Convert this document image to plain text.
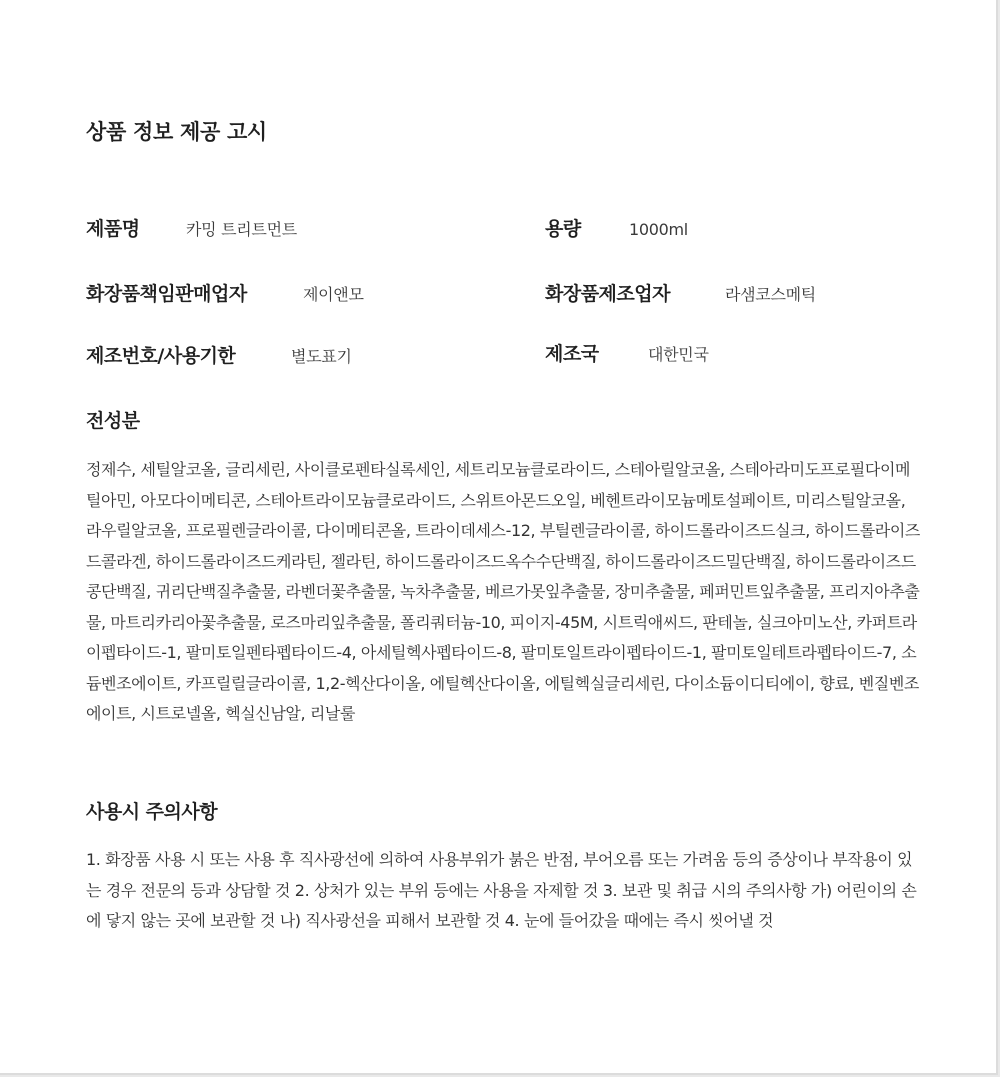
상품 정보 제공 고시
제품명	카밍 트리트먼트	용량	1000ml
화장품책임판매업자	제이앤모	화장품제조업자	라샘코스메틱
제조번호/사용기한	별도표기	제조국	대한민국
전성분

정제수, 세틸알코올, 글리세린, 사이클로펜타실록세인, 세트리모늄클로라이드, 스테아릴알코올, 스테아라미도프로필다이메틸아민, 아모다이메티콘, 스테아트라이모늄클로라이드, 스위트아몬드오일, 베헨트라이모늄메토설페이트, 미리스틸알코올, 라우릴알코올, 프로필렌글라이콜, 다이메티콘올, 트라이데세스-12, 부틸렌글라이콜, 하이드롤라이즈드실크, 하이드롤라이즈드콜라겐, 하이드롤라이즈드케라틴, 젤라틴, 하이드롤라이즈드옥수수단백질, 하이드롤라이즈드밀단백질, 하이드롤라이즈드콩단백질, 귀리단백질추출물, 라벤더꽃추출물, 녹차추출물, 베르가못잎추출물, 장미추출물, 페퍼민트잎추출물, 프리지아추출물, 마트리카리아꽃추출물, 로즈마리잎추출물, 폴리쿼터늄-10, 피이지-45M, 시트릭애씨드, 판테놀, 실크아미노산, 카퍼트라이펩타이드-1, 팔미토일펜타펩타이드-4, 아세틸헥사펩타이드-8, 팔미토일트라이펩타이드-1, 팔미토일테트라펩타이드-7, 소듐벤조에이트, 카프릴릴글라이콜, 1,2-헥산다이올, 에틸헥산다이올, 에틸헥실글리세린, 다이소듐이디티에이, 향료, 벤질벤조에이트, 시트로넬올, 헥실신남알, 리날룰

사용시 주의사항

1. 화장품 사용 시 또는 사용 후 직사광선에 의하여 사용부위가 붉은 반점, 부어오름 또는 가려움 등의 증상이나 부작용이 있는 경우 전문의 등과 상담할 것 2. 상처가 있는 부위 등에는 사용을 자제할 것 3. 보관 및 취급 시의 주의사항 가) 어린이의 손에 닿지 않는 곳에 보관할 것 나) 직사광선을 피해서 보관할 것 4. 눈에 들어갔을 때에는 즉시 씻어낼 것
